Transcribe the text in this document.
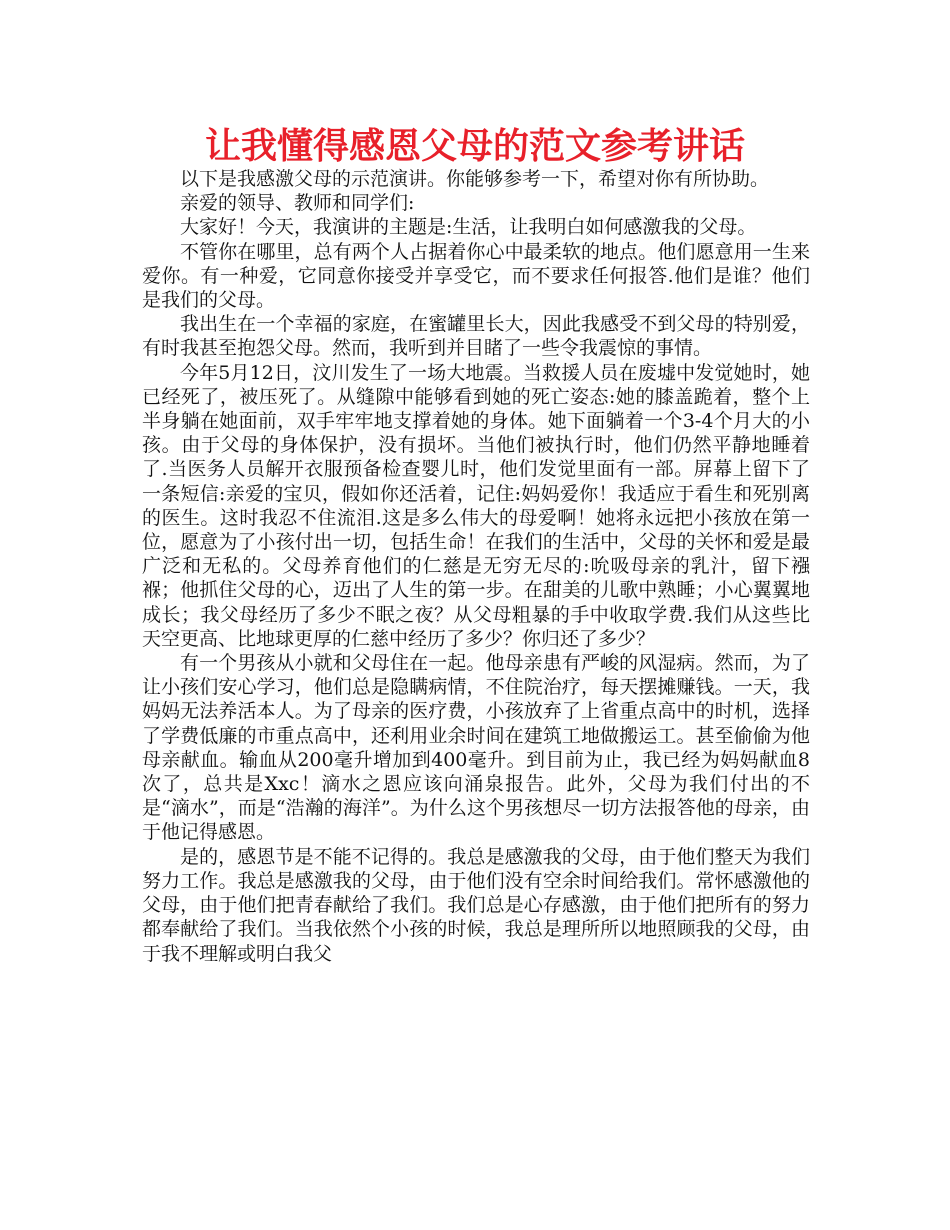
让我懂得感恩父母的范文参考讲话

以下是我感激父母的示范演讲。你能够参考一下，希望对你有所协助。

亲爱的领导、教师和同学们:

大家好！今天，我演讲的主题是:生活，让我明白如何感激我的父母。

不管你在哪里，总有两个人占据着你心中最柔软的地点。他们愿意用一生来爱你。有一种爱，它同意你接受并享受它，而不要求任何报答.他们是谁？他们是我们的父母。

我出生在一个幸福的家庭，在蜜罐里长大，因此我感受不到父母的特别爱，有时我甚至抱怨父母。然而，我听到并目睹了一些令我震惊的事情。

今年5月12日，汶川发生了一场大地震。当救援人员在废墟中发觉她时，她已经死了，被压死了。从缝隙中能够看到她的死亡姿态:她的膝盖跪着，整个上半身躺在她面前，双手牢牢地支撑着她的身体。她下面躺着一个3-4个月大的小孩。由于父母的身体保护，没有损坏。当他们被执行时，他们仍然平静地睡着了.当医务人员解开衣服预备检查婴儿时，他们发觉里面有一部。屏幕上留下了一条短信:亲爱的宝贝，假如你还活着，记住:妈妈爱你！我适应于看生和死别离的医生。这时我忍不住流泪.这是多么伟大的母爱啊！她将永远把小孩放在第一位，愿意为了小孩付出一切，包括生命！在我们的生活中，父母的关怀和爱是最广泛和无私的。父母养育他们的仁慈是无穷无尽的:吮吸母亲的乳汁，留下襁褓；他抓住父母的心，迈出了人生的第一步。在甜美的儿歌中熟睡；小心翼翼地成长；我父母经历了多少不眠之夜？从父母粗暴的手中收取学费.我们从这些比天空更高、比地球更厚的仁慈中经历了多少？你归还了多少？

有一个男孩从小就和父母住在一起。他母亲患有严峻的风湿病。然而，为了让小孩们安心学习，他们总是隐瞒病情，不住院治疗，每天摆摊赚钱。一天，我妈妈无法养活本人。为了母亲的医疗费，小孩放弃了上省重点高中的时机，选择了学费低廉的市重点高中，还利用业余时间在建筑工地做搬运工。甚至偷偷为他母亲献血。输血从200毫升增加到400毫升。到目前为止，我已经为妈妈献血8次了，总共是Xxc！滴水之恩应该向涌泉报告。此外，父母为我们付出的不是“滴水”，而是“浩瀚的海洋”。为什么这个男孩想尽一切方法报答他的母亲，由于他记得感恩。

是的，感恩节是不能不记得的。我总是感激我的父母，由于他们整天为我们努力工作。我总是感激我的父母，由于他们没有空余时间给我们。常怀感激他的父母，由于他们把青春献给了我们。我们总是心存感激，由于他们把所有的努力都奉献给了我们。当我依然个小孩的时候，我总是理所所以地照顾我的父母，由于我不理解或明白我父
